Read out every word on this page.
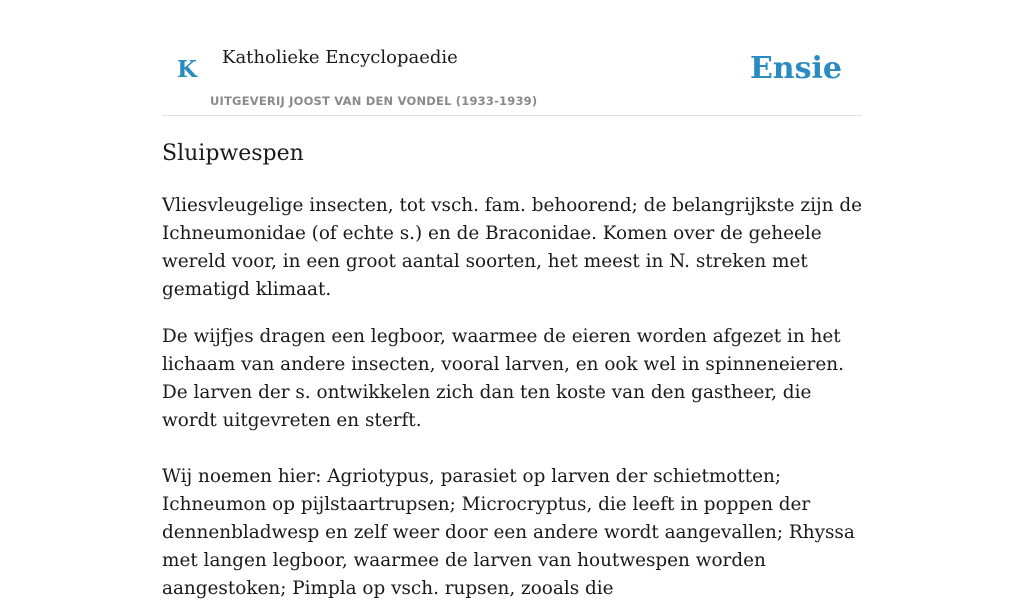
K Katholieke Encyclopaedie
UITGEVERIJ JOOST VAN DEN VONDEL (1933-1939)
Ensie
Sluipwespen

Vliesvleugelige insecten, tot vsch. fam. behoorend; de belangrijkste zijn de Ichneumonidae (of echte s.) en de Braconidae. Komen over de geheele wereld voor, in een groot aantal soorten, het meest in N. streken met gematigd klimaat.

De wijfjes dragen een legboor, waarmee de eieren worden afgezet in het lichaam van andere insecten, vooral larven, en ook wel in spinneneieren. De larven der s. ontwikkelen zich dan ten koste van den gastheer, die wordt uitgevreten en sterft.

Wij noemen hier: Agriotypus, parasiet op larven der schietmotten; Ichneumon op pijlstaartrupsen; Microcryptus, die leeft in poppen der dennenbladwesp en zelf weer door een andere wordt aangevallen; Rhyssa met langen legboor, waarmee de larven van houtwespen worden aangestoken; Pimpla op vsch. rupsen, zooals die
